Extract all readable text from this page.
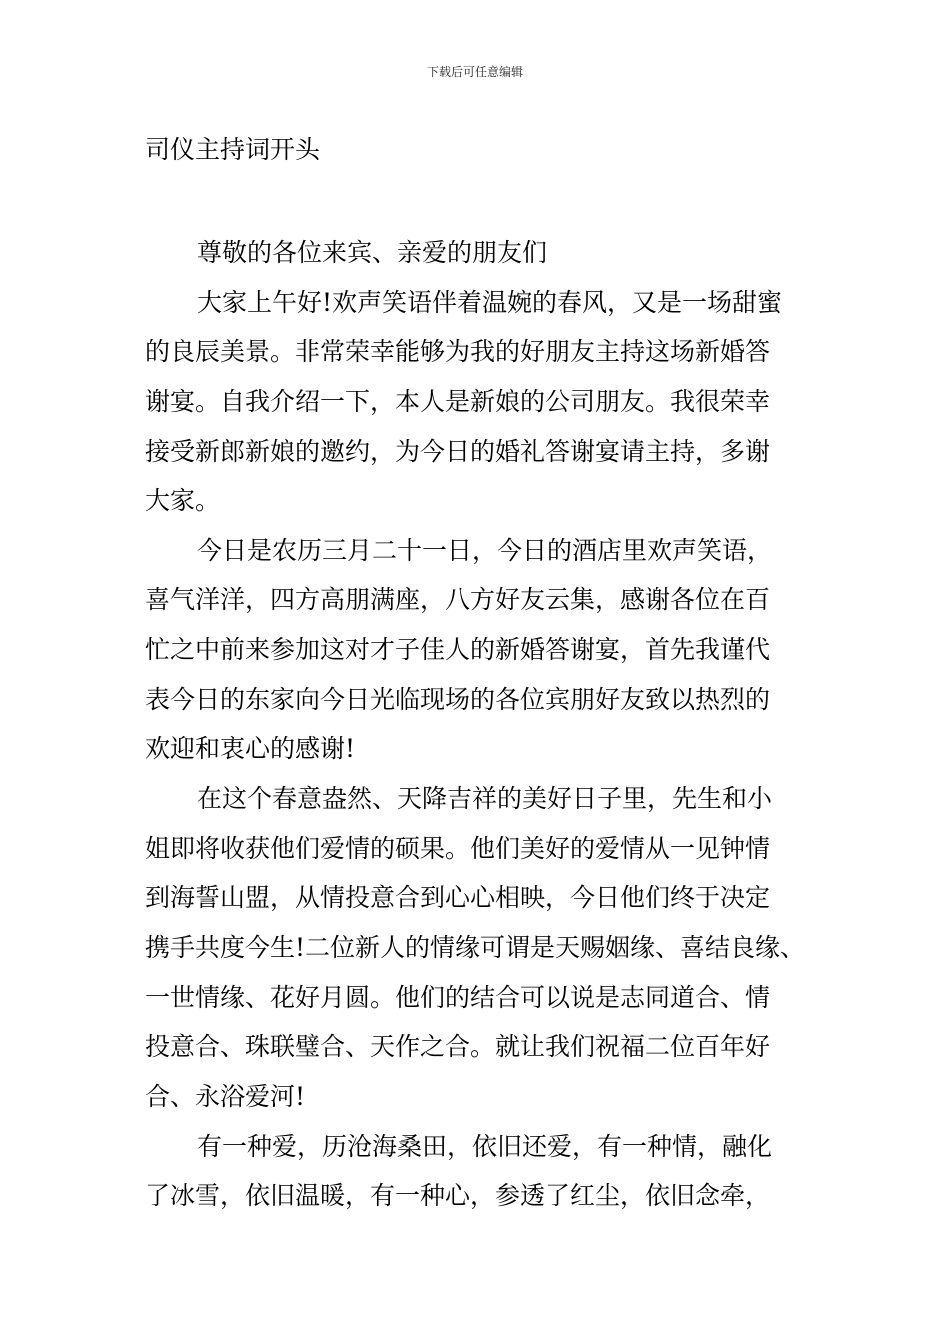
下载后可任意编辑
司仪主持词开头
尊敬的各位来宾、亲爱的朋友们
大家上午好!欢声笑语伴着温婉的春风，又是一场甜蜜
的良辰美景。非常荣幸能够为我的好朋友主持这场新婚答
谢宴。自我介绍一下，本人是新娘的公司朋友。我很荣幸
接受新郎新娘的邀约，为今日的婚礼答谢宴请主持，多谢
大家。
今日是农历三月二十一日，今日的酒店里欢声笑语，
喜气洋洋，四方高朋满座，八方好友云集，感谢各位在百
忙之中前来参加这对才子佳人的新婚答谢宴，首先我谨代
表今日的东家向今日光临现场的各位宾朋好友致以热烈的
欢迎和衷心的感谢!
在这个春意盎然、天降吉祥的美好日子里，先生和小
姐即将收获他们爱情的硕果。他们美好的爱情从一见钟情
到海誓山盟，从情投意合到心心相映，今日他们终于决定
携手共度今生!二位新人的情缘可谓是天赐姻缘、喜结良缘、
一世情缘、花好月圆。他们的结合可以说是志同道合、情
投意合、珠联璧合、天作之合。就让我们祝福二位百年好
合、永浴爱河!
有一种爱，历沧海桑田，依旧还爱，有一种情，融化
了冰雪，依旧温暖，有一种心，参透了红尘，依旧念牵，
